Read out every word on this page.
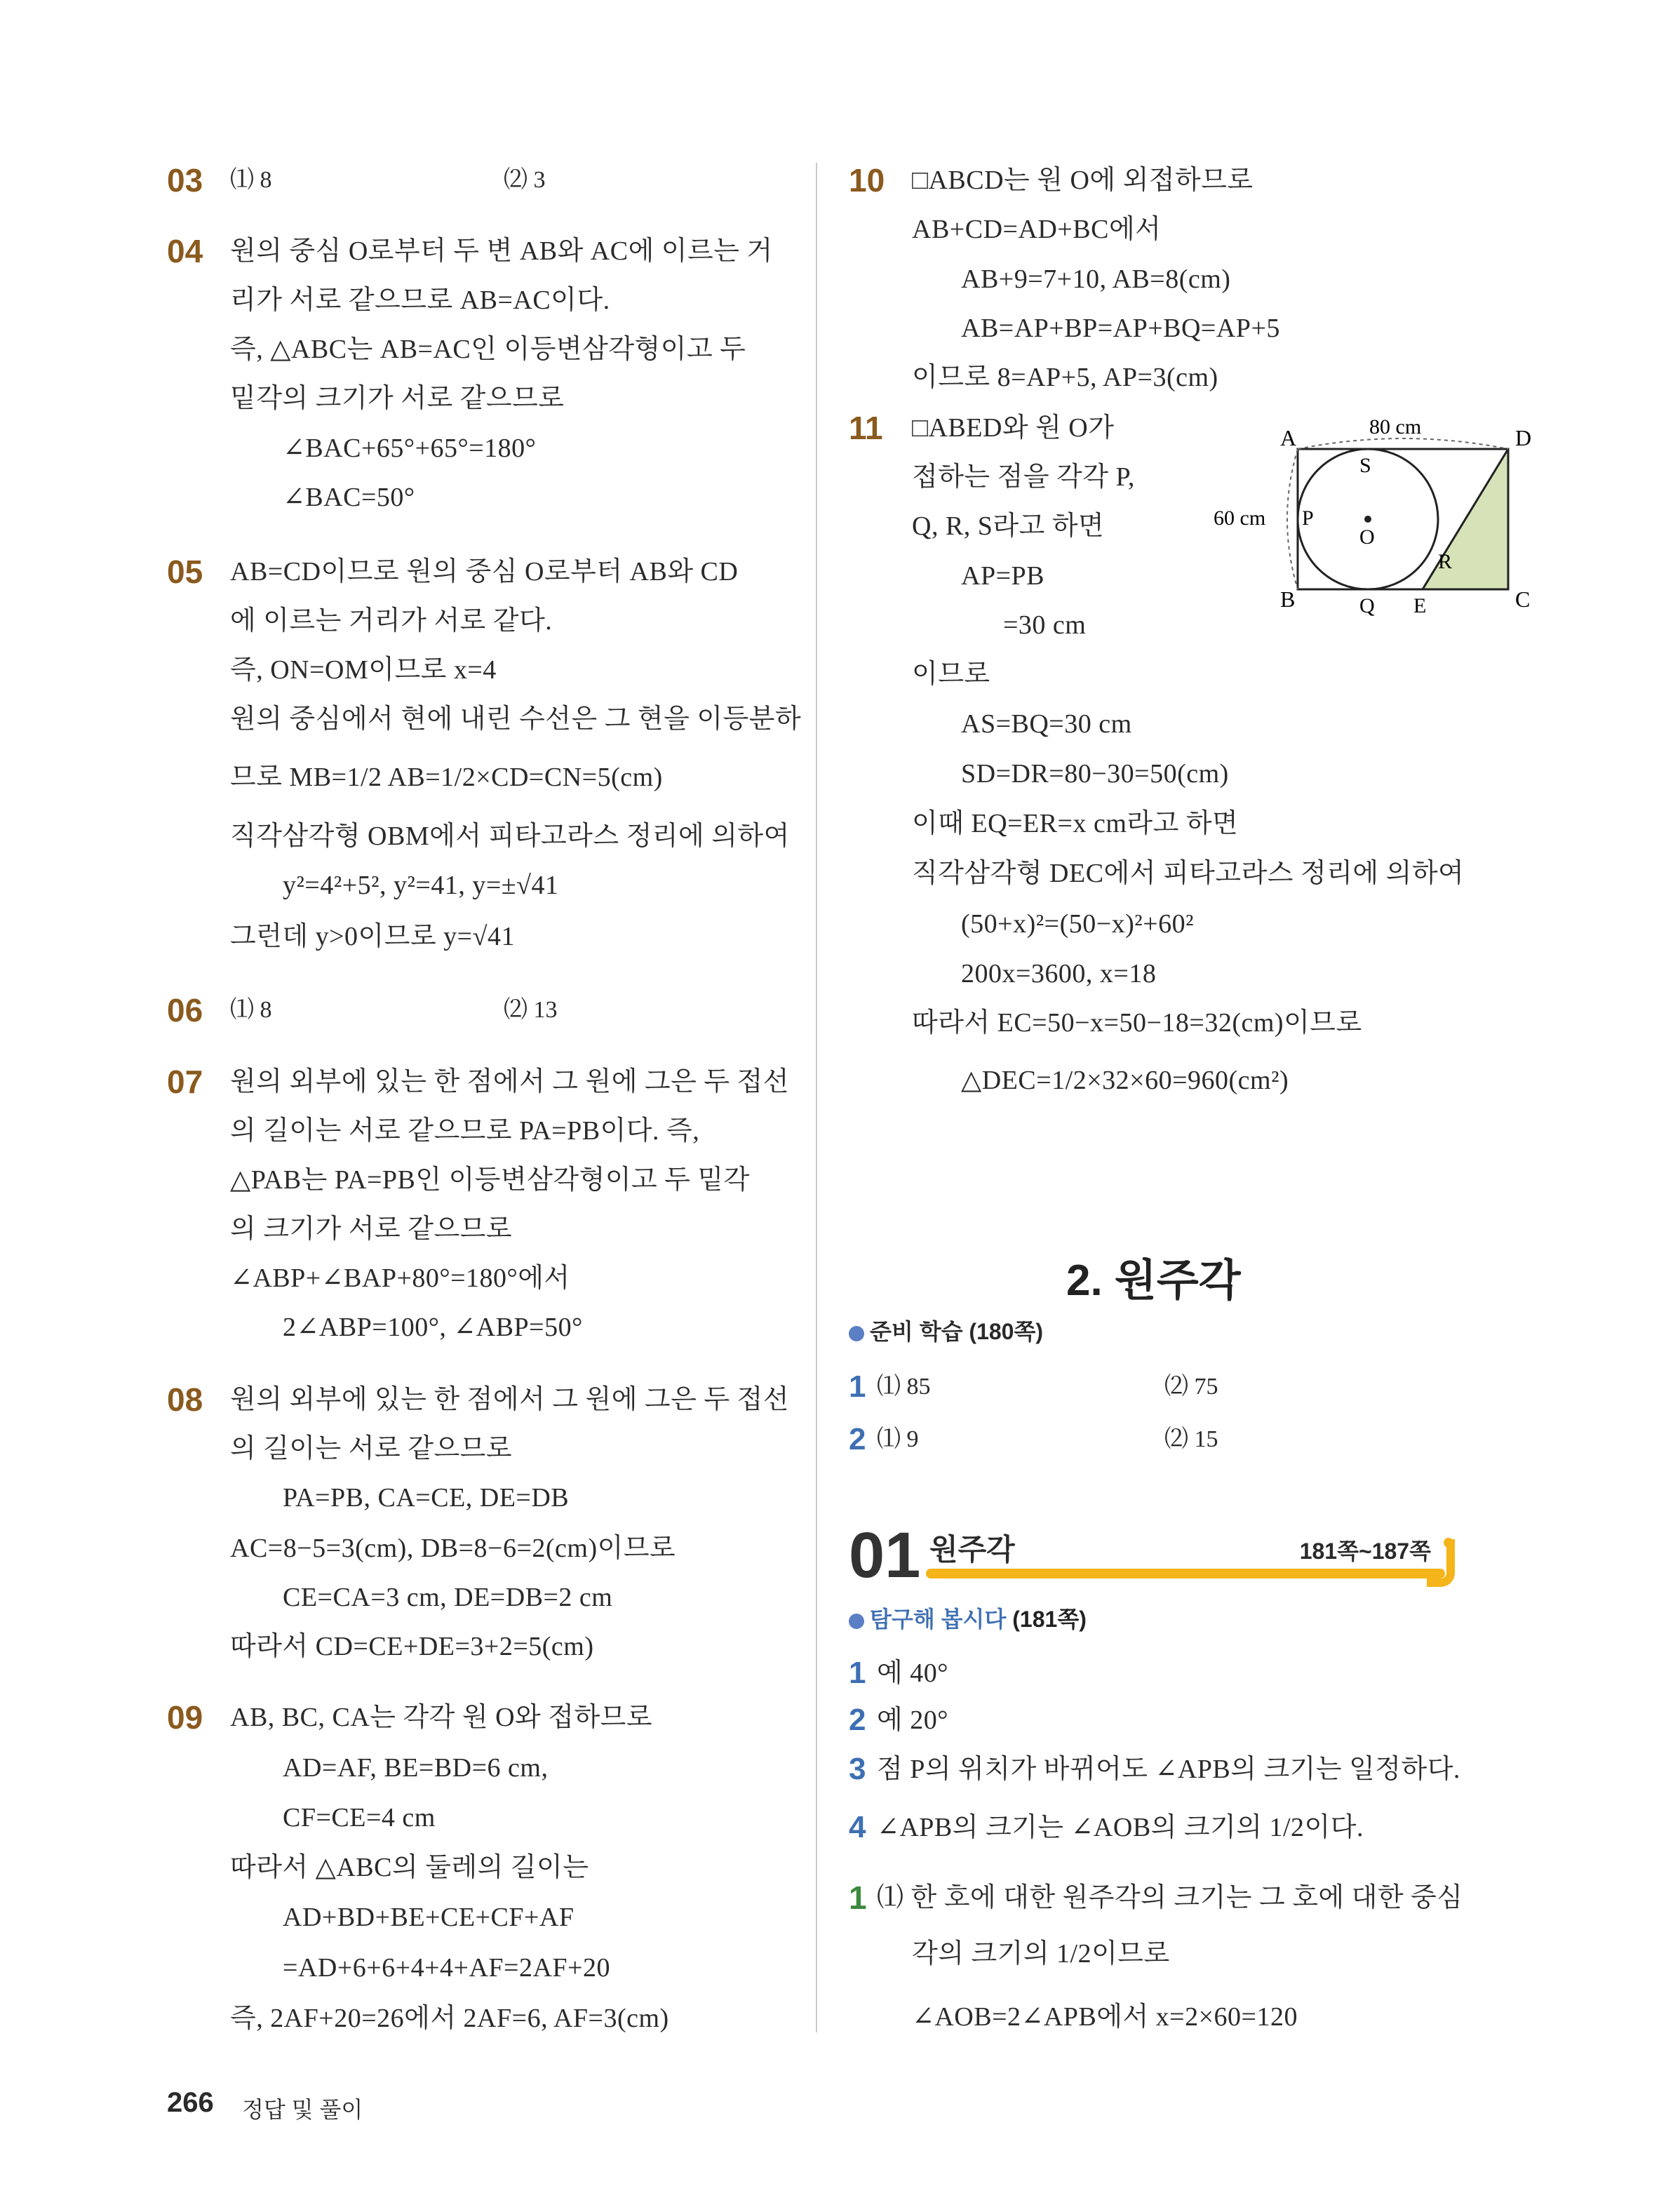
03 ⑴ 8	⑵ 3
04 원의 중심 O로부터 두 변 AB와 AC에 이르는 거
리가 서로 같으므로 AB=AC이다.
즉, △ABC는 AB=AC인 이등변삼각형이고 두
밑각의 크기가 서로 같으므로
∠BAC+65°+65°=180°
∠BAC=50°
05 AB=CD이므로 원의 중심 O로부터 AB와 CD
에 이르는 거리가 서로 같다.
즉, ON=OM이므로 x=4
원의 중심에서 현에 내린 수선은 그 현을 이등분하
므로 MB=1/2 AB=1/2×CD=CN=5(cm)
직각삼각형 OBM에서 피타고라스 정리에 의하여
y²=4²+5², y²=41, y=±√41
그런데 y>0이므로 y=√41
06 ⑴ 8	⑵ 13
07 원의 외부에 있는 한 점에서 그 원에 그은 두 접선
의 길이는 서로 같으므로 PA=PB이다. 즉,
△PAB는 PA=PB인 이등변삼각형이고 두 밑각
의 크기가 서로 같으므로
∠ABP+∠BAP+80°=180°에서
2∠ABP=100°, ∠ABP=50°
08 원의 외부에 있는 한 점에서 그 원에 그은 두 접선
의 길이는 서로 같으므로
PA=PB, CA=CE, DE=DB
AC=8−5=3(cm), DB=8−6=2(cm)이므로
CE=CA=3 cm, DE=DB=2 cm
따라서 CD=CE+DE=3+2=5(cm)
09 AB, BC, CA는 각각 원 O와 접하므로
AD=AF, BE=BD=6 cm,
CF=CE=4 cm
따라서 △ABC의 둘레의 길이는
AD+BD+BE+CE+CF+AF
=AD+6+6+4+4+AF=2AF+20
즉, 2AF+20=26에서 2AF=6, AF=3(cm)
10 □ABCD는 원 O에 외접하므로
AB+CD=AD+BC에서
AB+9=7+10, AB=8(cm)
AB=AP+BP=AP+BQ=AP+5
이므로 8=AP+5, AP=3(cm)
11 □ABED와 원 O가
접하는 점을 각각 P,
Q, R, S라고 하면
AP=PB
=30 cm
이므로
AS=BQ=30 cm
SD=DR=80−30=50(cm)
이때 EQ=ER=x cm라고 하면
직각삼각형 DEC에서 피타고라스 정리에 의하여
(50+x)²=(50−x)²+60²
200x=3600, x=18
따라서 EC=50−x=50−18=32(cm)이므로
△DEC=1/2×32×60=960(cm²)
80 cm
60 cm
A
B	C
D
S
P
O
R
Q E
2. 원주각
준비 학습 (180쪽)
1 ⑴ 85	⑵ 75
2 ⑴ 9	⑵ 15
01 원주각	181쪽~187쪽
탐구해 봅시다 (181쪽)
1 예 40°
2 예 20°
3 점 P의 위치가 바뀌어도 ∠APB의 크기는 일정하다.
4 ∠APB의 크기는 ∠AOB의 크기의 1/2이다.
1 ⑴ 한 호에 대한 원주각의 크기는 그 호에 대한 중심
각의 크기의 1/2이므로
∠AOB=2∠APB에서 x=2×60=120
266 정답 및 풀이
